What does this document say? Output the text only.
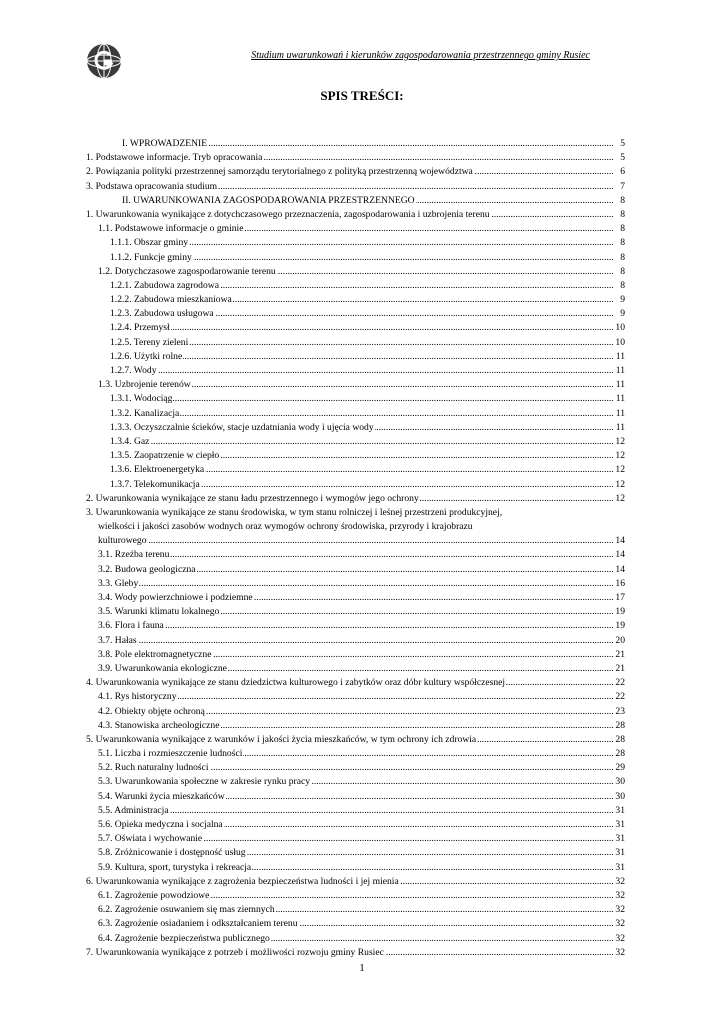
Studium uwarunkowań i kierunków zagospodarowania przestrzennego gminy Rusiec
SPIS TREŚCI:
.....
I. WPROWADZENIE	5
.....
1. Podstawowe informacje. Tryb opracowania	5
.....
2. Powiązania polityki przestrzennej samorządu terytorialnego z polityką przestrzenną województwa	6
.....
3. Podstawa opracowania studium	7
.....
II. UWARUNKOWANIA ZAGOSPODAROWANIA PRZESTRZENNEGO	8
.....
1. Uwarunkowania wynikające z dotychczasowego przeznaczenia, zagospodarowania i uzbrojenia terenu	8
.....
1.1. Podstawowe informacje o gminie	8
.....
1.1.1. Obszar gminy	8
.....
1.1.2. Funkcje gminy	8
.....
1.2. Dotychczasowe zagospodarowanie terenu	8
.....
1.2.1. Zabudowa zagrodowa	8
.....
1.2.2. Zabudowa mieszkaniowa	9
.....
1.2.3. Zabudowa usługowa	9
.....
1.2.4. Przemysł	10
.....
1.2.5. Tereny zieleni	10
.....
1.2.6. Użytki rolne	11
.....
1.2.7. Wody	11
.....
1.3. Uzbrojenie terenów	11
.....
1.3.1. Wodociąg	11
.....
1.3.2. Kanalizacja	11
.....
1.3.3. Oczyszczalnie ścieków, stacje uzdatniania wody i ujęcia wody	11
.....
1.3.4. Gaz	12
.....
1.3.5. Zaopatrzenie w ciepło	12
.....
1.3.6. Elektroenergetyka	12
.....
1.3.7. Telekomunikacja	12
.....
2. Uwarunkowania wynikające ze stanu ładu przestrzennego i wymogów jego ochrony	12
3. Uwarunkowania wynikające ze stanu środowiska, w tym stanu rolniczej i leśnej przestrzeni produkcyjnej,
wielkości i jakości zasobów wodnych oraz wymogów ochrony środowiska, przyrody i krajobrazu
.....
kulturowego	14
.....
3.1. Rzeźba terenu	14
.....
3.2. Budowa geologiczna	14
.....
3.3. Gleby	16
.....
3.4. Wody powierzchniowe i podziemne	17
.....
3.5. Warunki klimatu lokalnego	19
.....
3.6. Flora i fauna	19
.....
3.7. Hałas	20
.....
3.8. Pole elektromagnetyczne	21
.....
3.9. Uwarunkowania ekologiczne	21
.....
4. Uwarunkowania wynikające ze stanu dziedzictwa kulturowego i zabytków oraz dóbr kultury współczesnej	22
.....
4.1. Rys historyczny	22
.....
4.2. Obiekty objęte ochroną	23
.....
4.3. Stanowiska archeologiczne	28
.....
5. Uwarunkowania wynikające z warunków i jakości życia mieszkańców, w tym ochrony ich zdrowia	28
.....
5.1. Liczba i rozmieszczenie ludności	28
.....
5.2. Ruch naturalny ludności	29
.....
5.3. Uwarunkowania społeczne w zakresie rynku pracy	30
.....
5.4. Warunki życia mieszkańców	30
.....
5.5. Administracja	31
.....
5.6. Opieka medyczna i socjalna	31
.....
5.7. Oświata i wychowanie	31
.....
5.8. Zróżnicowanie i dostępność usług	31
.....
5.9. Kultura, sport, turystyka i rekreacja	31
.....
6. Uwarunkowania wynikające z zagrożenia bezpieczeństwa ludności i jej mienia	32
.....
6.1. Zagrożenie powodziowe	32
.....
6.2. Zagrożenie osuwaniem się mas ziemnych	32
.....
6.3. Zagrożenie osiadaniem i odkształcaniem terenu	32
.....
6.4. Zagrożenie bezpieczeństwa publicznego	32
.....
7. Uwarunkowania wynikające z potrzeb i możliwości rozwoju gminy Rusiec	32
1
